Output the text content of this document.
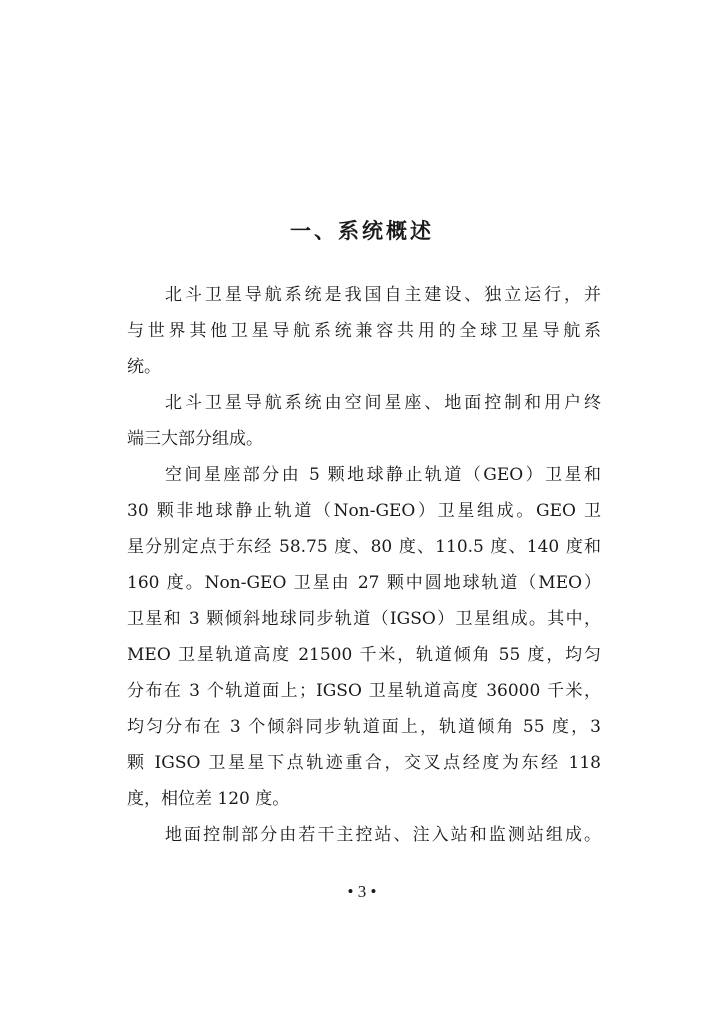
一、系统概述
北斗卫星导航系统是我国自主建设、独立运行，并
与世界其他卫星导航系统兼容共用的全球卫星导航系
统。
北斗卫星导航系统由空间星座、地面控制和用户终
端三大部分组成。
空间星座部分由 5 颗地球静止轨道（GEO）卫星和
30 颗非地球静止轨道（Non-GEO）卫星组成。GEO 卫
星分别定点于东经 58.75 度、80 度、110.5 度、140 度和
160 度。Non-GEO 卫星由 27 颗中圆地球轨道（MEO）
卫星和 3 颗倾斜地球同步轨道（IGSO）卫星组成。其中，
MEO 卫星轨道高度 21500 千米，轨道倾角 55 度，均匀
分布在 3 个轨道面上；IGSO 卫星轨道高度 36000 千米，
均匀分布在 3 个倾斜同步轨道面上，轨道倾角 55 度，3
颗 IGSO 卫星星下点轨迹重合，交叉点经度为东经 118
度，相位差 120 度。
地面控制部分由若干主控站、注入站和监测站组成。
• 3 •
